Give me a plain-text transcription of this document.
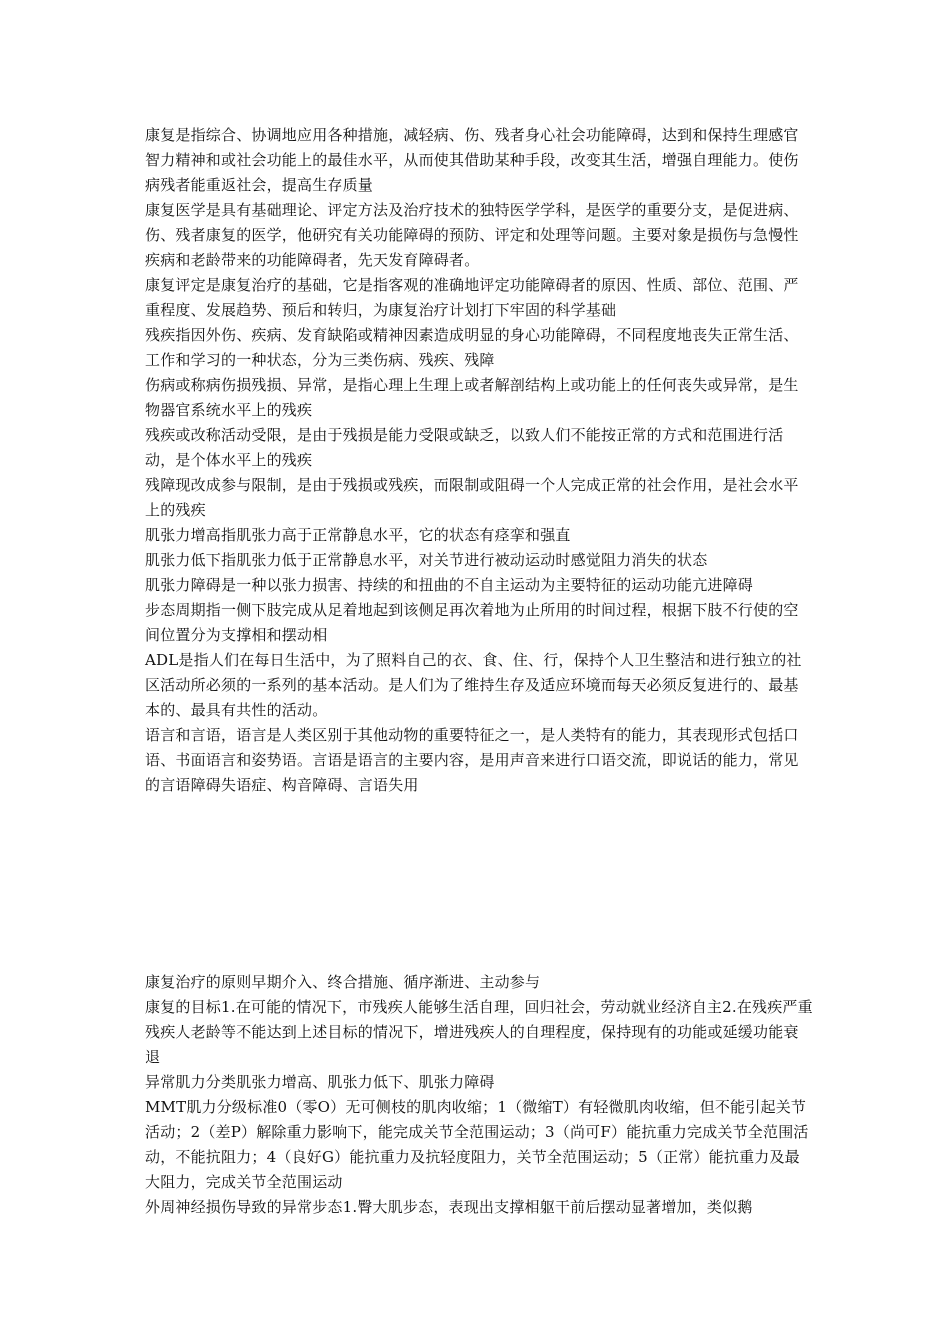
康复是指综合、协调地应用各种措施，减轻病、伤、残者身心社会功能障碍，达到和保持生理感官智力精神和或社会功能上的最佳水平，从而使其借助某种手段，改变其生活，增强自理能力。使伤病残者能重返社会，提高生存质量

康复医学是具有基础理论、评定方法及治疗技术的独特医学学科，是医学的重要分支，是促进病、伤、残者康复的医学，他研究有关功能障碍的预防、评定和处理等问题。主要对象是损伤与急慢性疾病和老龄带来的功能障碍者，先天发育障碍者。

康复评定是康复治疗的基础，它是指客观的准确地评定功能障碍者的原因、性质、部位、范围、严重程度、发展趋势、预后和转归，为康复治疗计划打下牢固的科学基础

残疾指因外伤、疾病、发育缺陷或精神因素造成明显的身心功能障碍，不同程度地丧失正常生活、工作和学习的一种状态，分为三类伤病、残疾、残障

伤病或称病伤损残损、异常，是指心理上生理上或者解剖结构上或功能上的任何丧失或异常，是生物器官系统水平上的残疾

残疾或改称活动受限，是由于残损是能力受限或缺乏，以致人们不能按正常的方式和范围进行活动，是个体水平上的残疾

残障现改成参与限制，是由于残损或残疾，而限制或阻碍一个人完成正常的社会作用，是社会水平上的残疾

肌张力增高指肌张力高于正常静息水平，它的状态有痉挛和强直

肌张力低下指肌张力低于正常静息水平，对关节进行被动运动时感觉阻力消失的状态

肌张力障碍是一种以张力损害、持续的和扭曲的不自主运动为主要特征的运动功能亢进障碍

步态周期指一侧下肢完成从足着地起到该侧足再次着地为止所用的时间过程，根据下肢不行使的空间位置分为支撑相和摆动相

ADL是指人们在每日生活中，为了照料自己的衣、食、住、行，保持个人卫生整洁和进行独立的社区活动所必须的一系列的基本活动。是人们为了维持生存及适应环境而每天必须反复进行的、最基本的、最具有共性的活动。

语言和言语，语言是人类区别于其他动物的重要特征之一，是人类特有的能力，其表现形式包括口语、书面语言和姿势语。言语是语言的主要内容，是用声音来进行口语交流，即说话的能力，常见的言语障碍失语症、构音障碍、言语失用

康复治疗的原则早期介入、终合措施、循序渐进、主动参与

康复的目标1.在可能的情况下，市残疾人能够生活自理，回归社会，劳动就业经济自主2.在残疾严重残疾人老龄等不能达到上述目标的情况下，增进残疾人的自理程度，保持现有的功能或延缓功能衰退

异常肌力分类肌张力增高、肌张力低下、肌张力障碍

MMT肌力分级标准0（零O）无可侧枝的肌肉收缩；1（微缩T）有轻微肌肉收缩，但不能引起关节活动；2（差P）解除重力影响下，能完成关节全范围运动；3（尚可F）能抗重力完成关节全范围活动，不能抗阻力；4（良好G）能抗重力及抗轻度阻力，关节全范围运动；5（正常）能抗重力及最大阻力，完成关节全范围运动

外周神经损伤导致的异常步态1.臀大肌步态，表现出支撑相躯干前后摆动显著增加，类似鹅
